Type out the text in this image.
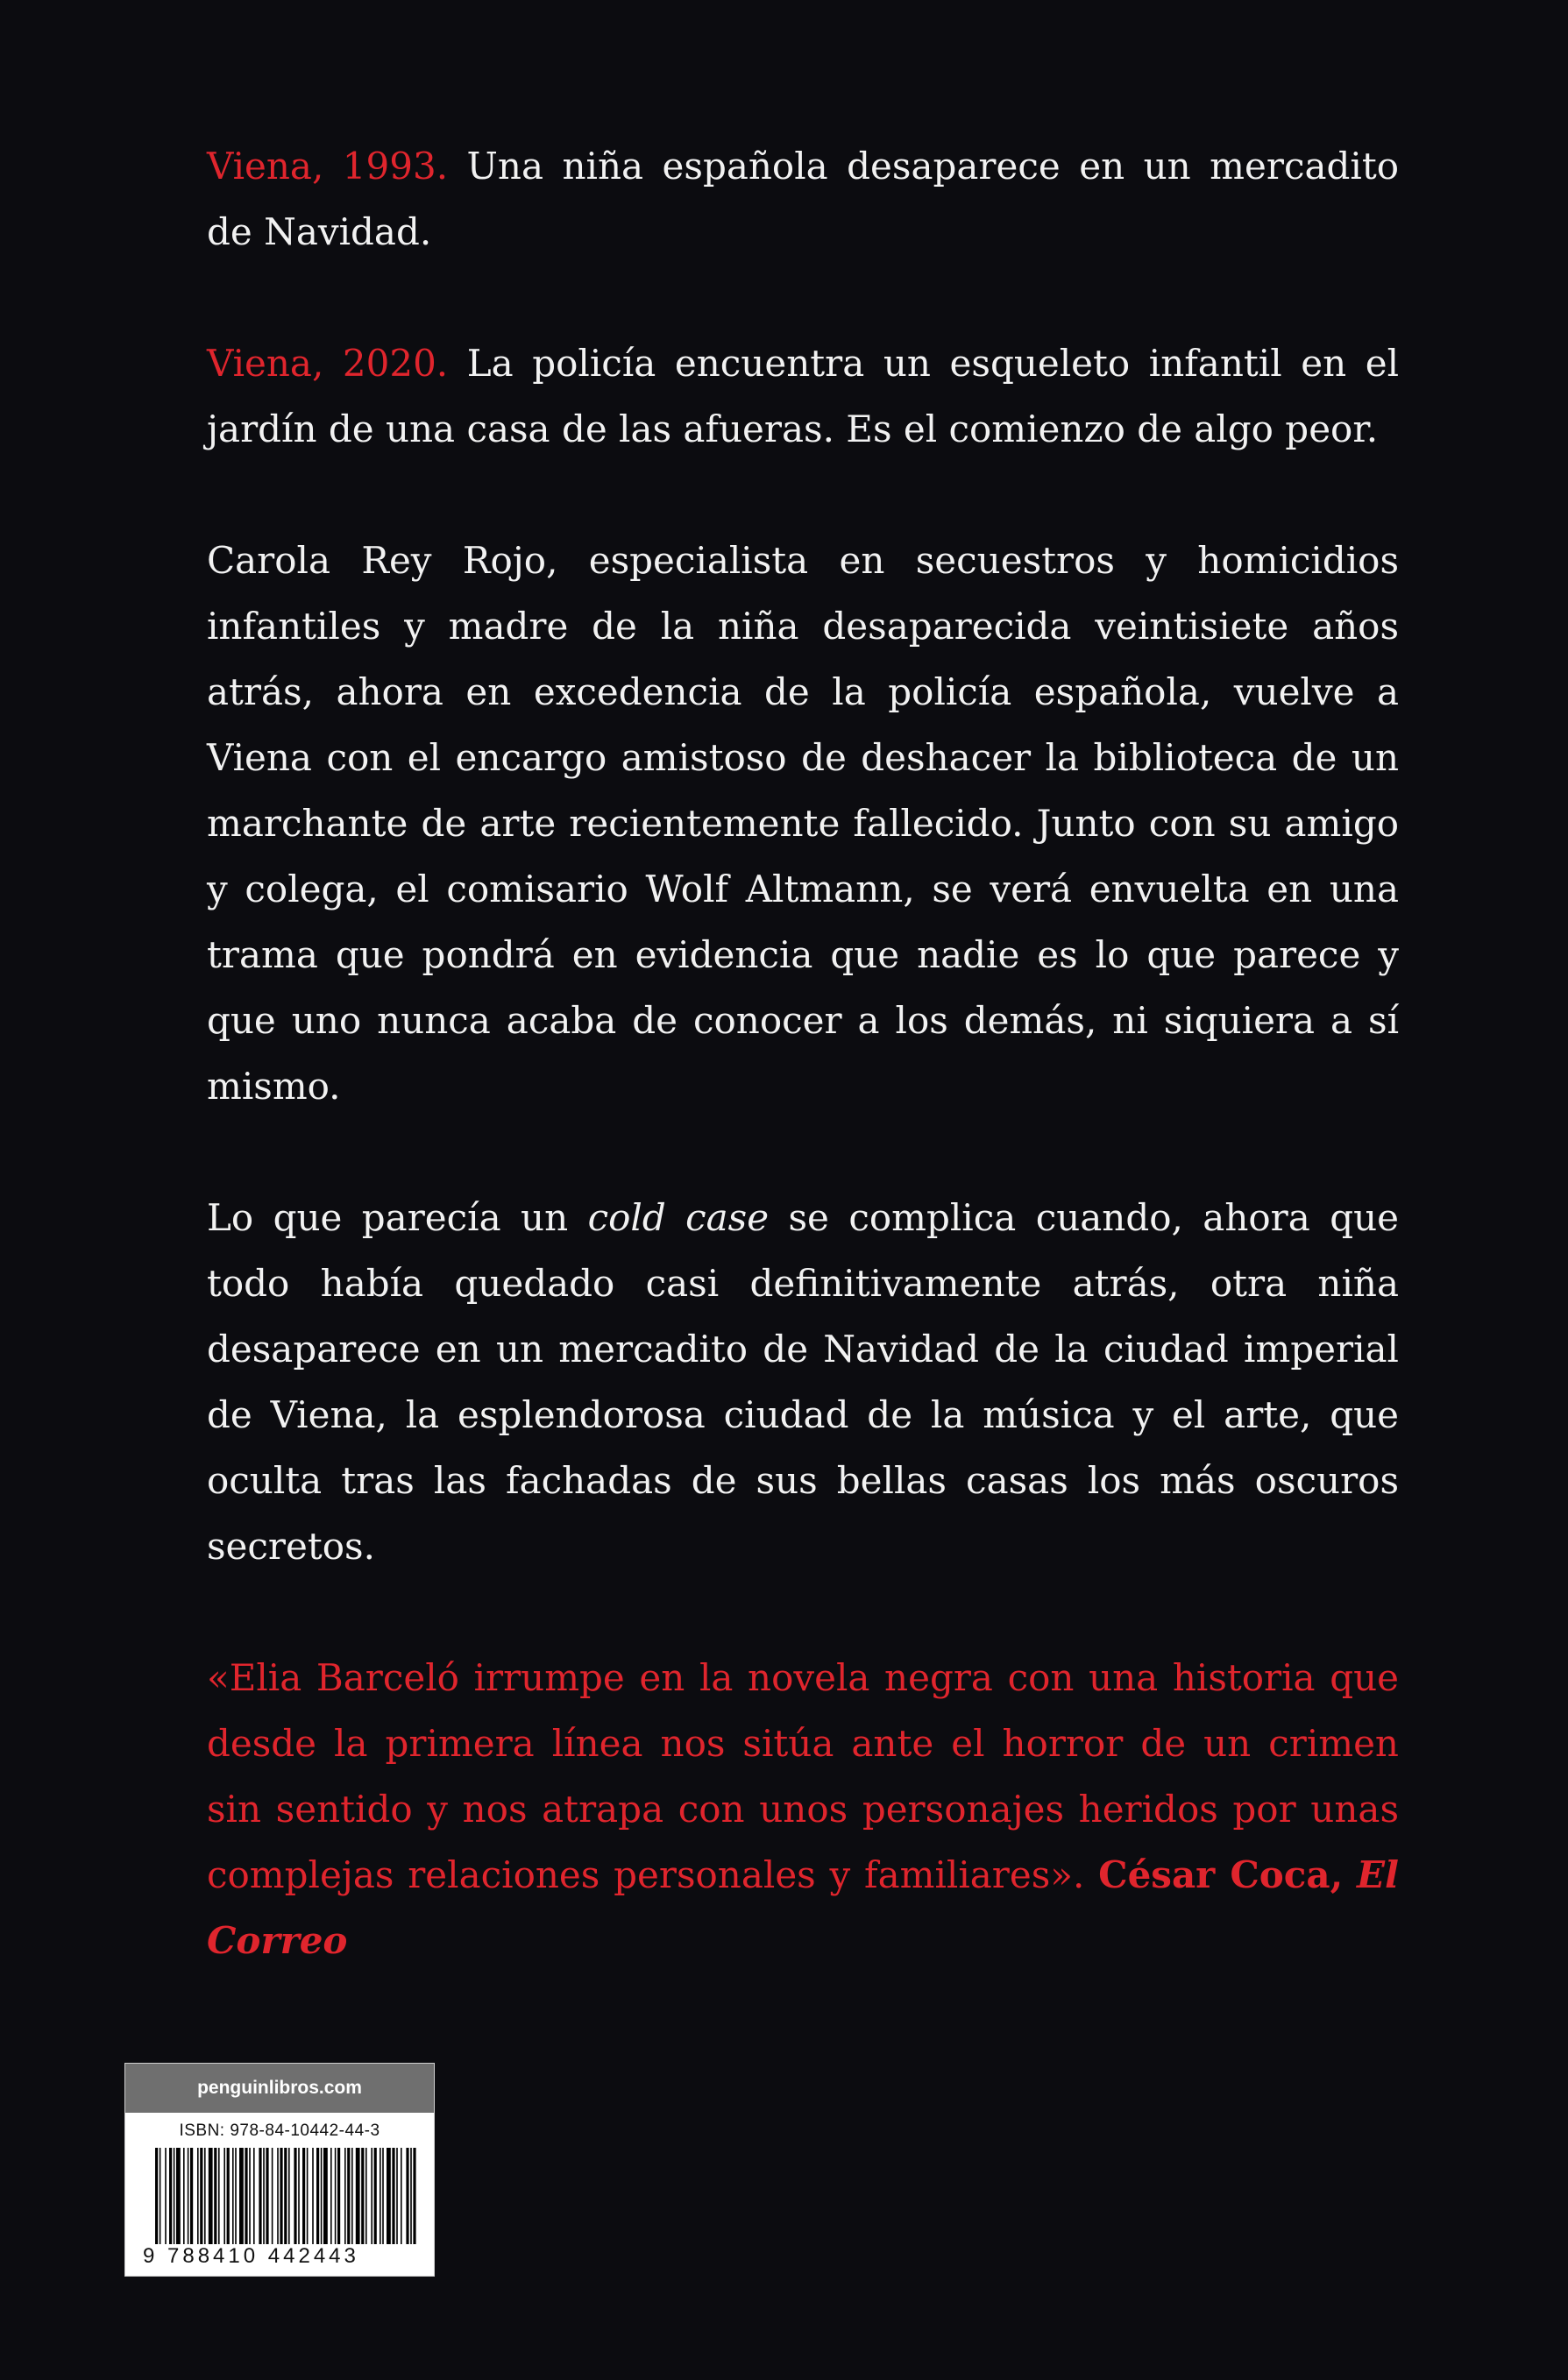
Viena, 1993. Una niña española desaparece en un mercadito de Navidad.

Viena, 2020. La policía encuentra un esqueleto infantil en el jardín de una casa de las afueras. Es el comienzo de algo peor.

Carola Rey Rojo, especialista en secuestros y homicidios infantiles y madre de la niña desaparecida veintisiete años atrás, ahora en excedencia de la policía española, vuelve a Viena con el encargo amistoso de deshacer la biblioteca de un marchante de arte recientemente fallecido. Junto con su amigo y colega, el comisario Wolf Altmann, se verá envuelta en una trama que pondrá en evidencia que nadie es lo que parece y que uno nunca acaba de conocer a los demás, ni siquiera a sí mismo.

Lo que parecía un cold case se complica cuando, ahora que todo había quedado casi definitivamente atrás, otra niña desaparece en un mercadito de Navidad de la ciudad imperial de Viena, la esplendorosa ciudad de la música y el arte, que oculta tras las fachadas de sus bellas casas los más oscuros secretos.

«Elia Barceló irrumpe en la novela negra con una historia que desde la primera línea nos sitúa ante el horror de un crimen sin sentido y nos atrapa con unos personajes heridos por unas complejas relaciones personales y familiares». César Coca, El Correo

penguinlibros.com
ISBN: 978-84-10442-44-3
9 788410 442443
